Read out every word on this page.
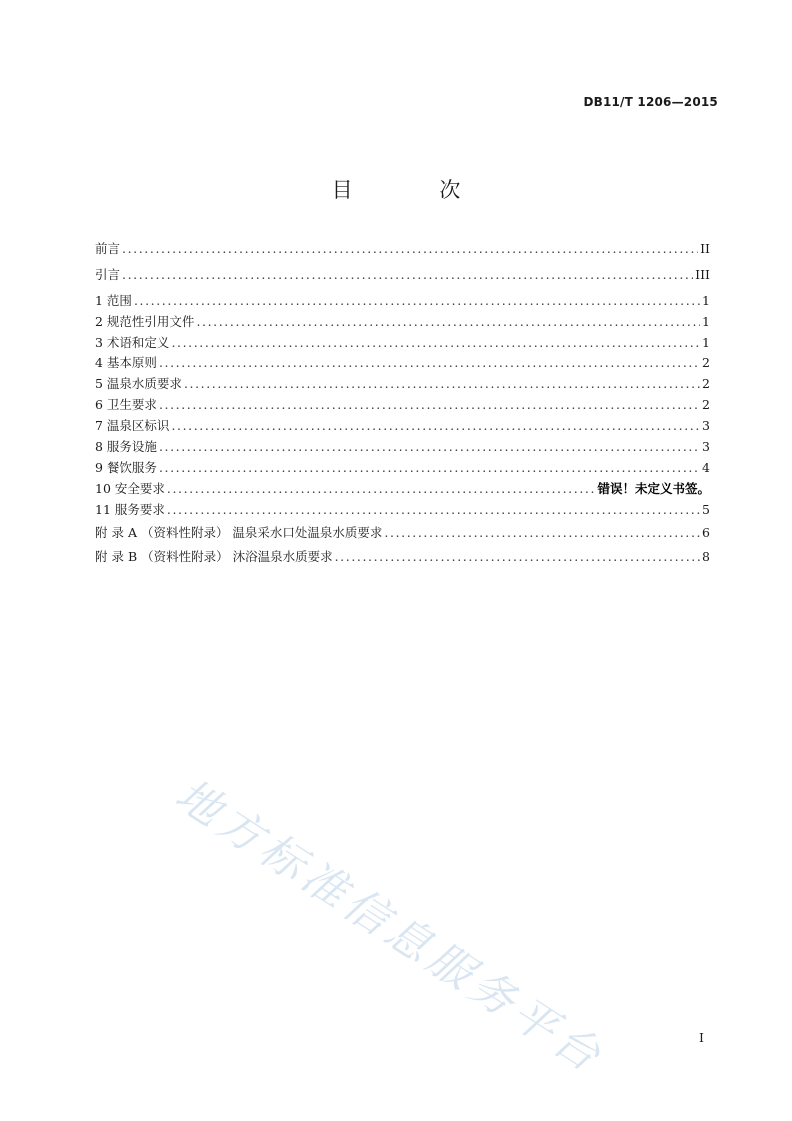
DB11/T 1206—2015
目 次
前言 .....	II
引言 .....	III
1 范围 .....	1
2 规范性引用文件 .....	1
3 术语和定义 .....	1
4 基本原则 .....	2
5 温泉水质要求 .....	2
6 卫生要求 .....	2
7 温泉区标识 .....	3
8 服务设施 .....	3
9 餐饮服务 .....	4
10 安全要求 .....	错误！未定义书签。
11 服务要求 .....	5
附 录 A （资料性附录） 温泉采水口处温泉水质要求 .....	6
附 录 B （资料性附录） 沐浴温泉水质要求 .....	8
地方标准信息服务平台	I
